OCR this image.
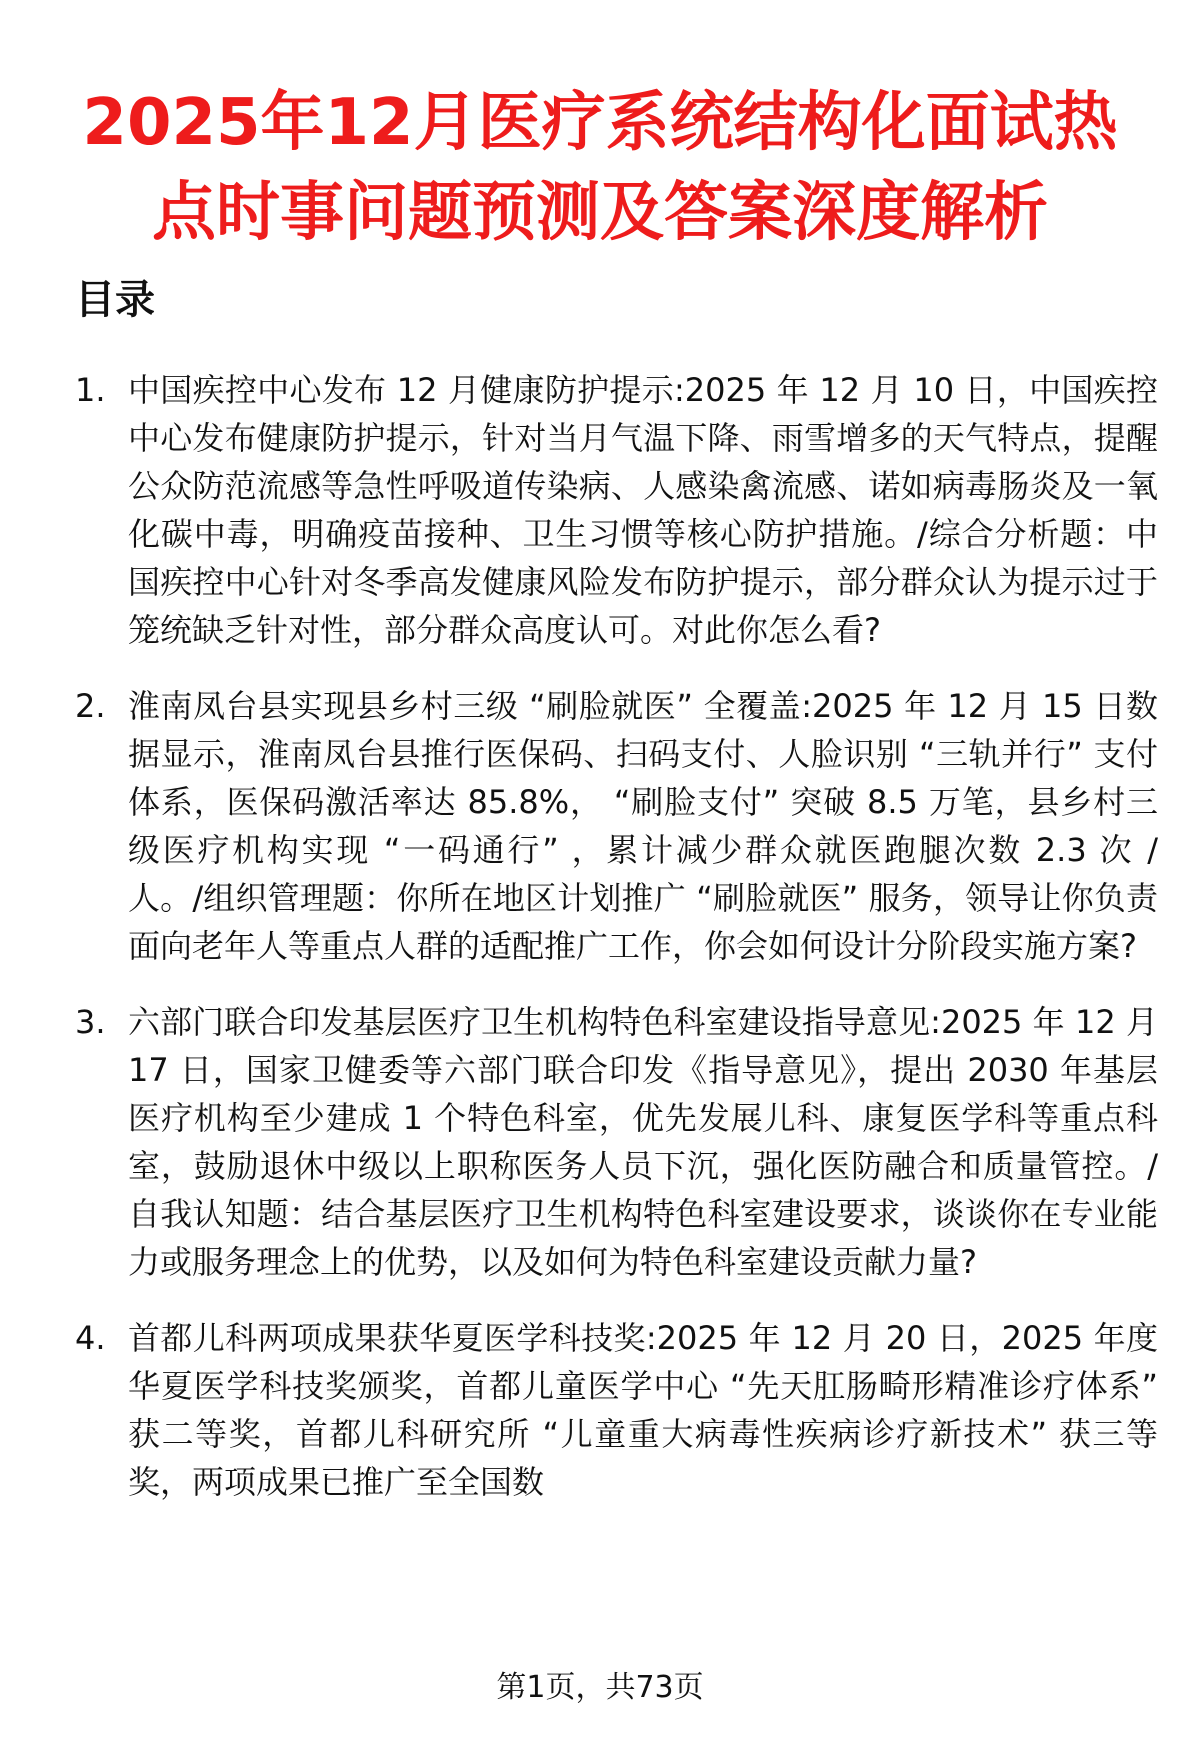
2025年12月医疗系统结构化面试热点时事问题预测及答案深度解析
目录
1. 中国疾控中心发布 12 月健康防护提示:2025 年 12 月 10 日，中国疾控中心发布健康防护提示，针对当月气温下降、雨雪增多的天气特点，提醒公众防范流感等急性呼吸道传染病、人感染禽流感、诺如病毒肠炎及一氧化碳中毒，明确疫苗接种、卫生习惯等核心防护措施。/综合分析题：中国疾控中心针对冬季高发健康风险发布防护提示，部分群众认为提示过于笼统缺乏针对性，部分群众高度认可。对此你怎么看?
2. 淮南凤台县实现县乡村三级 “刷脸就医” 全覆盖:2025 年 12 月 15 日数据显示，淮南凤台县推行医保码、扫码支付、人脸识别 “三轨并行” 支付体系，医保码激活率达 85.8%， “刷脸支付” 突破 8.5 万笔，县乡村三级医疗机构实现 “一码通行” ，累计减少群众就医跑腿次数 2.3 次 / 人。/组织管理题：你所在地区计划推广 “刷脸就医” 服务，领导让你负责面向老年人等重点人群的适配推广工作，你会如何设计分阶段实施方案?
3. 六部门联合印发基层医疗卫生机构特色科室建设指导意见:2025 年 12 月 17 日，国家卫健委等六部门联合印发《指导意见》，提出 2030 年基层医疗机构至少建成 1 个特色科室，优先发展儿科、康复医学科等重点科室，鼓励退休中级以上职称医务人员下沉，强化医防融合和质量管控。/自我认知题：结合基层医疗卫生机构特色科室建设要求，谈谈你在专业能力或服务理念上的优势，以及如何为特色科室建设贡献力量?
4. 首都儿科两项成果获华夏医学科技奖:2025 年 12 月 20 日，2025 年度华夏医学科技奖颁奖，首都儿童医学中心 “先天肛肠畸形精准诊疗体系” 获二等奖，首都儿科研究所 “儿童重大病毒性疾病诊疗新技术” 获三等奖，两项成果已推广至全国数
第1页，共73页
